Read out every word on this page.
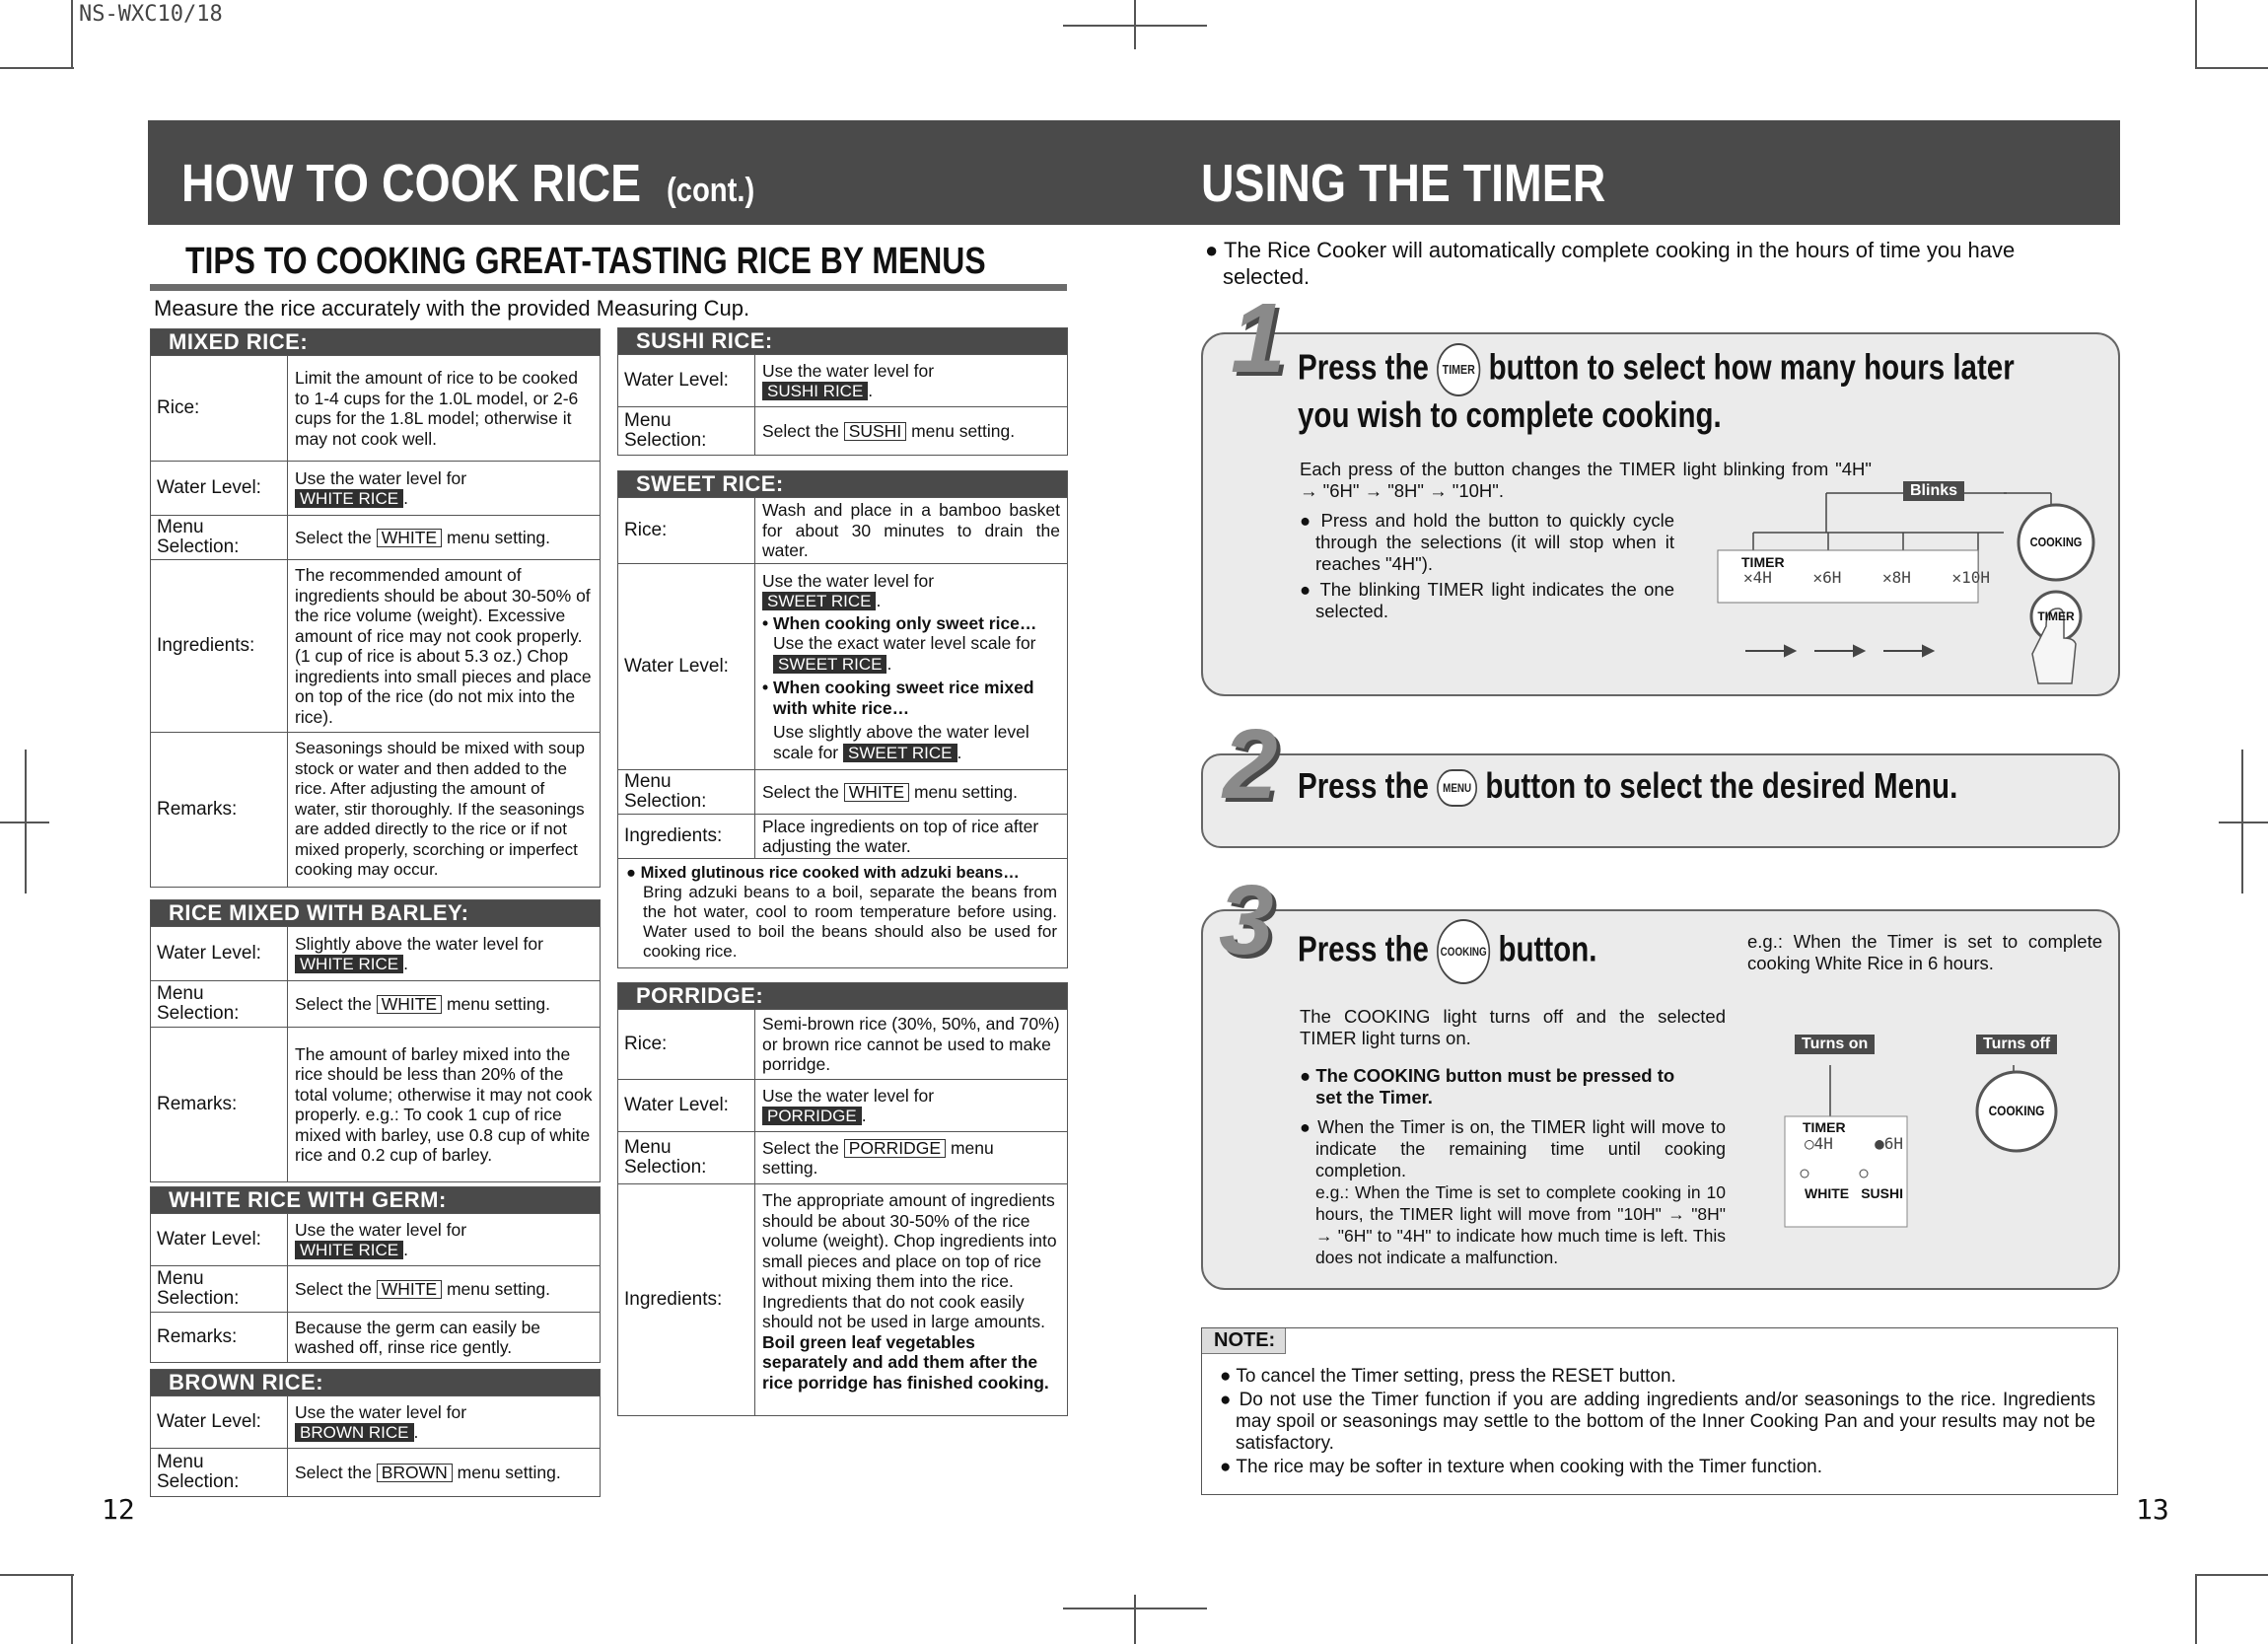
NS-WXC10/18
HOW TO COOK RICE (cont.)	USING THE TIMER
TIPS TO COOKING GREAT-TASTING RICE BY MENUS
Measure the rice accurately with the provided Measuring Cup.
MIXED RICE:
Rice:
Limit the amount of rice to be cooked to 1-4 cups for the 1.0L model, or 2-6 cups for the 1.8L model; otherwise it may not cook well.
Water Level:	Use the water level for
WHITE RICE .
Menu
Selection:	Select the WHITE menu setting.
Ingredients:
The recommended amount of ingredients should be about 30-50% of the rice volume (weight). Excessive amount of rice may not cook properly. (1 cup of rice is about 5.3 oz.) Chop ingredients into small pieces and place on top of the rice (do not mix into the rice).
Remarks:
Seasonings should be mixed with soup stock or water and then added to the rice. After adjusting the amount of water, stir thoroughly. If the seasonings are added directly to the rice or if not mixed properly, scorching or imperfect cooking may occur.
RICE MIXED WITH BARLEY:
Water Level:	Slightly above the water level for
WHITE RICE .
Menu
Selection:	Select the WHITE menu setting.
Remarks:
The amount of barley mixed into the rice should be less than 20% of the total volume; otherwise it may not cook properly. e.g.: To cook 1 cup of rice mixed with barley, use 0.8 cup of white rice and 0.2 cup of barley.
WHITE RICE WITH GERM:
Water Level:	Use the water level for
WHITE RICE .
Menu
Selection:	Select the WHITE menu setting.
Remarks:	Because the germ can easily be washed off, rinse rice gently.
BROWN RICE:
Water Level:	Use the water level for
BROWN RICE .
Menu
Selection:	Select the BROWN menu setting.
SUSHI RICE:
Water Level:	Use the water level for
SUSHI RICE .
Menu
Selection:	Select the SUSHI menu setting.
SWEET RICE:
Rice:
Wash and place in a bamboo basket for about 30 minutes to drain the water.
Water Level:
Use the water level for
SWEET RICE .
• When cooking only sweet rice…
Use the exact water level scale for
SWEET RICE .
• When cooking sweet rice mixed with white rice…
Use slightly above the water level scale for SWEET RICE .
Menu
Selection:	Select the WHITE menu setting.
Ingredients:	Place ingredients on top of rice after adjusting the water.
● Mixed glutinous rice cooked with adzuki beans…
Bring adzuki beans to a boil, separate the beans from the hot water, cool to room temperature before using. Water used to boil the beans should also be used for cooking rice.
PORRIDGE:
Rice:
Semi-brown rice (30%, 50%, and 70%) or brown rice cannot be used to make porridge.
Water Level:	Use the water level for
PORRIDGE .
Menu
Selection:
Select the PORRIDGE menu
setting.
Ingredients:
The appropriate amount of ingredients should be about 30-50% of the rice volume (weight). Chop ingredients into small pieces and place on top of rice without mixing them into the rice. Ingredients that do not cook easily should not be used in large amounts. Boil green leaf vegetables separately and add them after the rice porridge has finished cooking.
12	13
● The Rice Cooker will automatically complete cooking in the hours of time you have selected.
1 Press the TIMER button to select how many hours later
you wish to complete cooking.
Each press of the button changes the TIMER light blinking from "4H" → "6H" → "8H" → "10H".
● Press and hold the button to quickly cycle through the selections (it will stop when it reaches "4H").
● The blinking TIMER light indicates the one selected.
Blinks
TIMER
✕4H	✕6H	✕8H	✕10H
COOKING
TIMER
2 Press the MENU button to select the desired Menu.
3 Press the COOKING button.	e.g.: When the Timer is set to complete cooking White Rice in 6 hours.
The COOKING light turns off and the selected TIMER light turns on.
● The COOKING button must be pressed to set the Timer.
● When the Timer is on, the TIMER light will move to indicate the remaining time until cooking completion.
e.g.: When the Time is set to complete cooking in 10 hours, the TIMER light will move from "10H" → "8H" → "6H" to "4H" to indicate how much time is left. This does not indicate a malfunction.
Turns on	Turns off
TIMER
○4H	●6H
WHITE SUSHI
COOKING
NOTE:
● To cancel the Timer setting, press the RESET button.
● Do not use the Timer function if you are adding ingredients and/or seasonings to the rice. Ingredients may spoil or seasonings may settle to the bottom of the Inner Cooking Pan and your results may not be satisfactory.
● The rice may be softer in texture when cooking with the Timer function.
